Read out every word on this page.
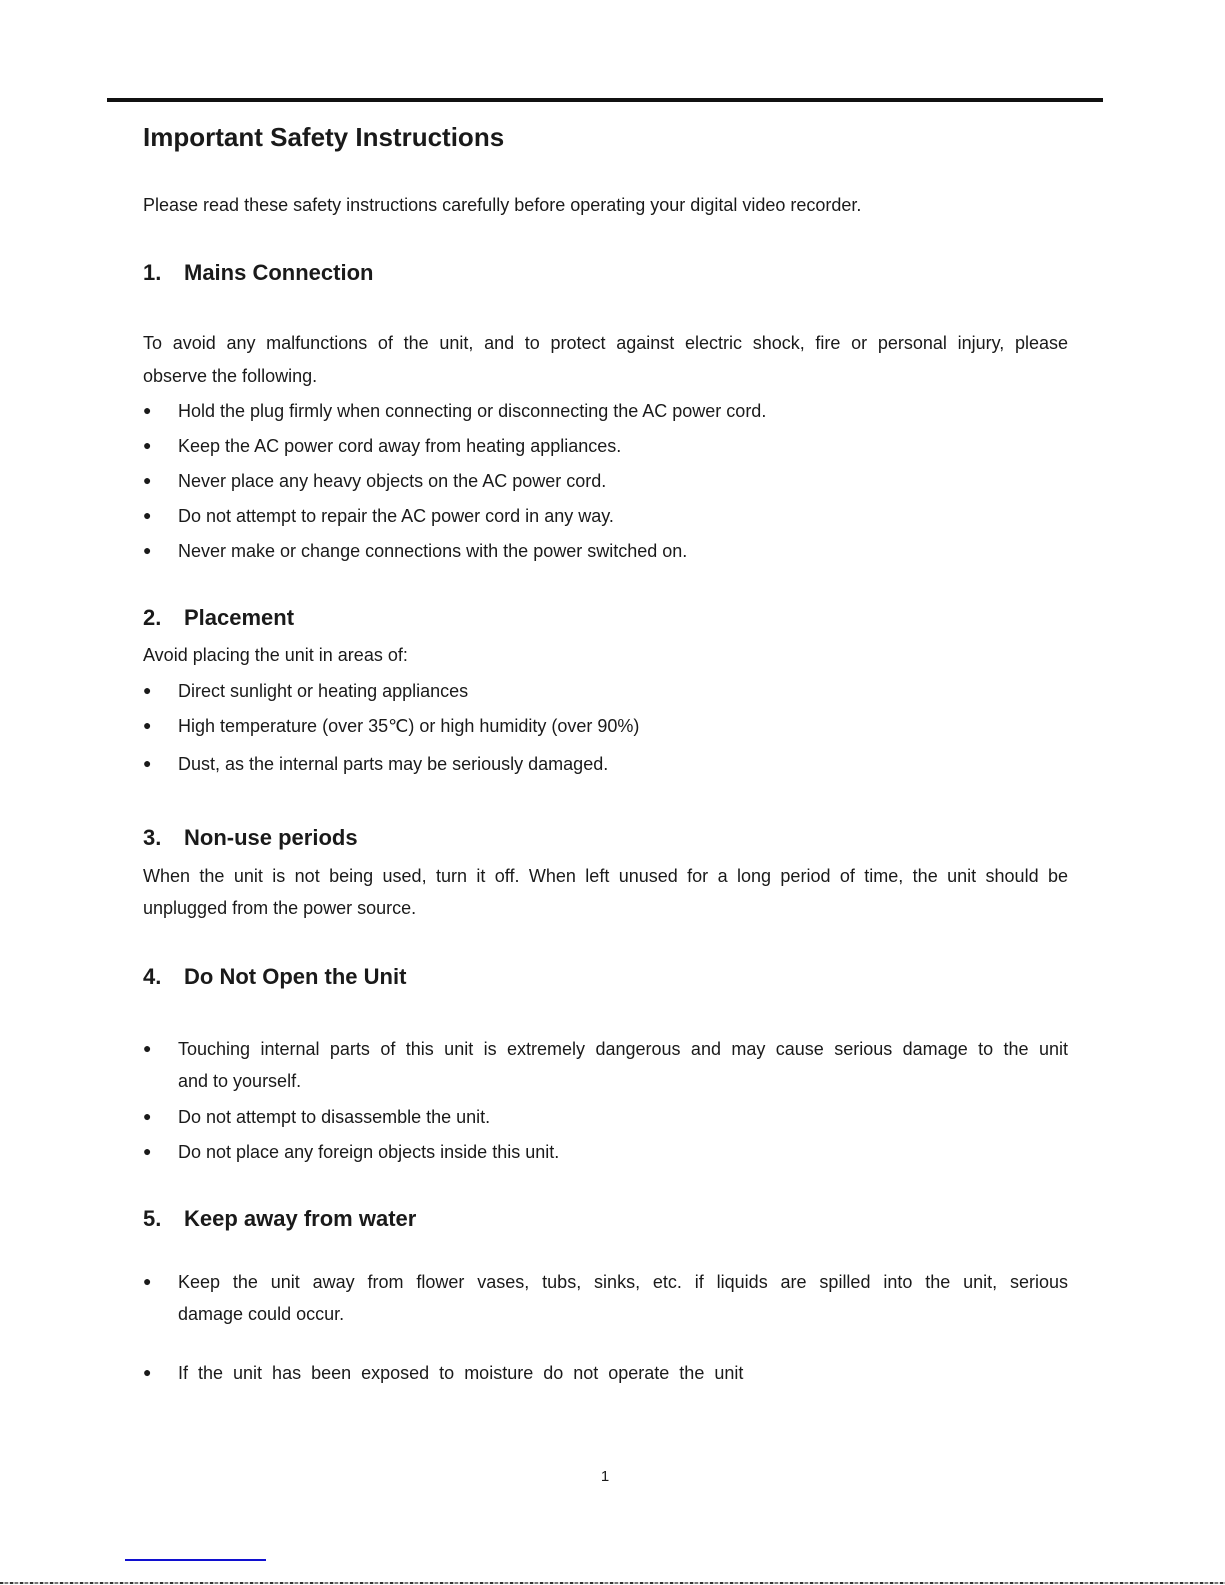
Important Safety Instructions
Please read these safety instructions carefully before operating your digital video recorder.
1. Mains Connection
To avoid any malfunctions of the unit, and to protect against electric shock, fire or personal injury, please
observe the following.
● Hold the plug firmly when connecting or disconnecting the AC power cord.
● Keep the AC power cord away from heating appliances.
● Never place any heavy objects on the AC power cord.
● Do not attempt to repair the AC power cord in any way.
● Never make or change connections with the power switched on.
2. Placement
Avoid placing the unit in areas of:
● Direct sunlight or heating appliances
● High temperature (over 35℃) or high humidity (over 90%)
● Dust, as the internal parts may be seriously damaged.
3. Non-use periods
When the unit is not being used, turn it off. When left unused for a long period of time, the unit should be
unplugged from the power source.
4. Do Not Open the Unit
● Touching internal parts of this unit is extremely dangerous and may cause serious damage to the unit
and to yourself.
● Do not attempt to disassemble the unit.
● Do not place any foreign objects inside this unit.
5. Keep away from water
● Keep the unit away from flower vases, tubs, sinks, etc. if liquids are spilled into the unit, serious
damage could occur.
● If  the  unit  has  been  exposed  to  moisture  do  not  operate  the  unit
1
